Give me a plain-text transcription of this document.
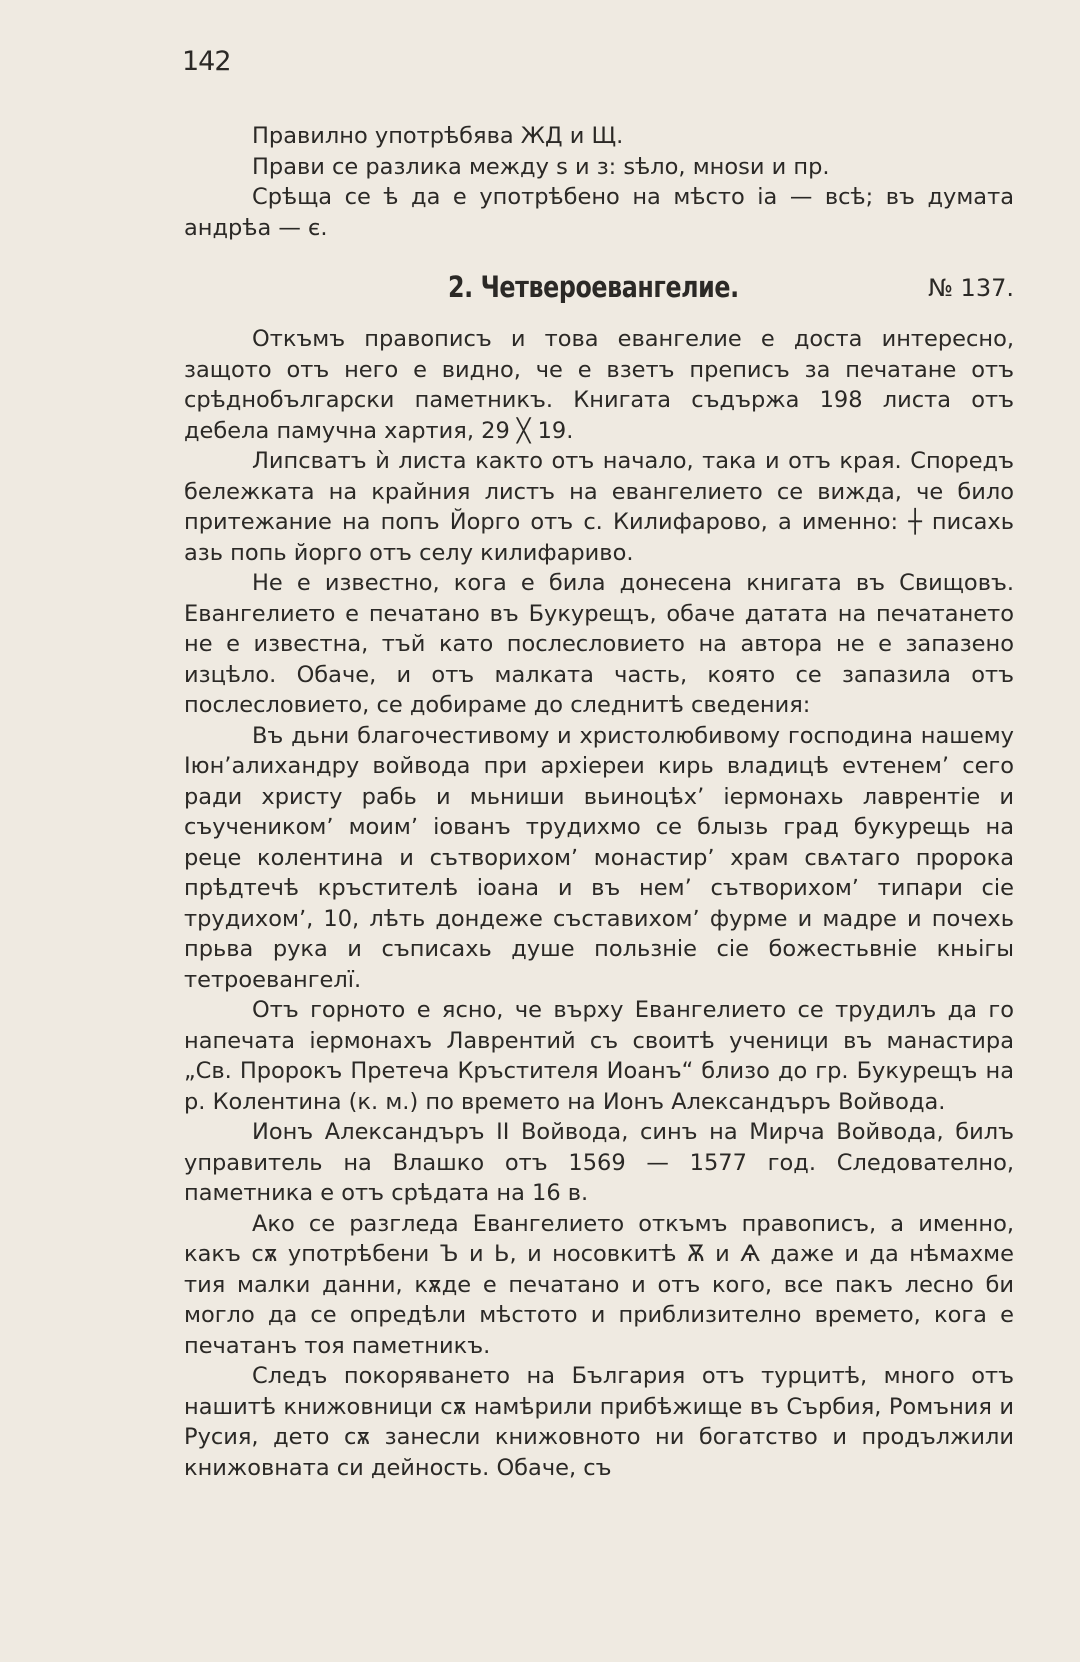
142

Правилно употрѣбява ЖД и Щ.

Прави се разлика между ѕ и з: ѕѣло, мноѕи и пр.

Срѣща се ѣ да е употрѣбено на мѣсто ia — всѣ; въ думата андрѣа — є.

2. Четвероевангелие.	№ 137.

Откъмъ правописъ и това евангелие е доста интересно, защото отъ него е видно, че е взетъ преписъ за печатане отъ срѣднобългарски паметникъ. Книгата съдържа 198 листа отъ дебела памучна хартия, 29 ╳ 19.

Липсватъ ѝ листа както отъ начало, така и отъ края. Споредъ бележката на крайния листъ на евангелието се вижда, че било притежание на попъ Йорго отъ с. Килифарово, а именно: ┼ писахь азь попь йорго отъ селу килифариво.

Не е известно, кога е била донесена книгата въ Свищовъ. Евангелието е печатано въ Букурещъ, обаче датата на печатането не е известна, тъй като послесловието на автора не е запазено изцѣло. Обаче, и отъ малката часть, която се запазила отъ послесловието, се добираме до следнитѣ сведения:

Въ дьни благочестивому и христолюбивому господина нашему Іюн’алиxандру войвода при архіереи кирь владицѣ еvтенем’ сего ради христу рабь и мьниши вьиноцѣх’ iермонахь лаврентіе и съученикомʼ моимʼ iованъ трудихмо се блызь град букурещь на реце колентина и сътворихомʼ монастирʼ храм свѧтаго пророка прѣдтечѣ кръстителѣ ioана и въ нем’ сътворихомʼ типари сіе трудихомʼ, 10, лѣть дондеже съставихомʼ фурме и мадре и почехь прьва рука и съписахь душе пользніе сіе божестьвніе кньігы тетроевангелї.

Отъ горното е ясно, че върху Евангелието се трудилъ да го напечата iермонахъ Лаврентий съ своитѣ ученици въ манастира „Св. Пророкъ Претеча Кръстителя Иоанъ“ близо до гр. Букурещъ на р. Колентина (к. м.) по времето на Ионъ Александъръ Войвода.

Ионъ Александъръ II Войвода, синъ на Мирча Войвода, билъ управитель на Влашко отъ 1569 — 1577 год. Следователно, паметника е отъ срѣдата на 16 в.

Ако се разгледа Евангелието откъмъ правописъ, а именно, какъ сѫ употрѣбени Ъ и Ь, и носовкитѣ Ѫ и Ѧ даже и да нѣмахме тия малки данни, кѫде е печатано и отъ кого, все пакъ лесно би могло да се опредѣли мѣстото и приблизително времето, кога е печатанъ тоя паметникъ.

Следъ покоряването на България отъ турцитѣ, много отъ нашитѣ книжовници сѫ намѣрили прибѣжище въ Сърбия, Ромъния и Русия, дето сѫ занесли книжовното ни богатство и продължили книжовната си дейность. Обаче, съ
